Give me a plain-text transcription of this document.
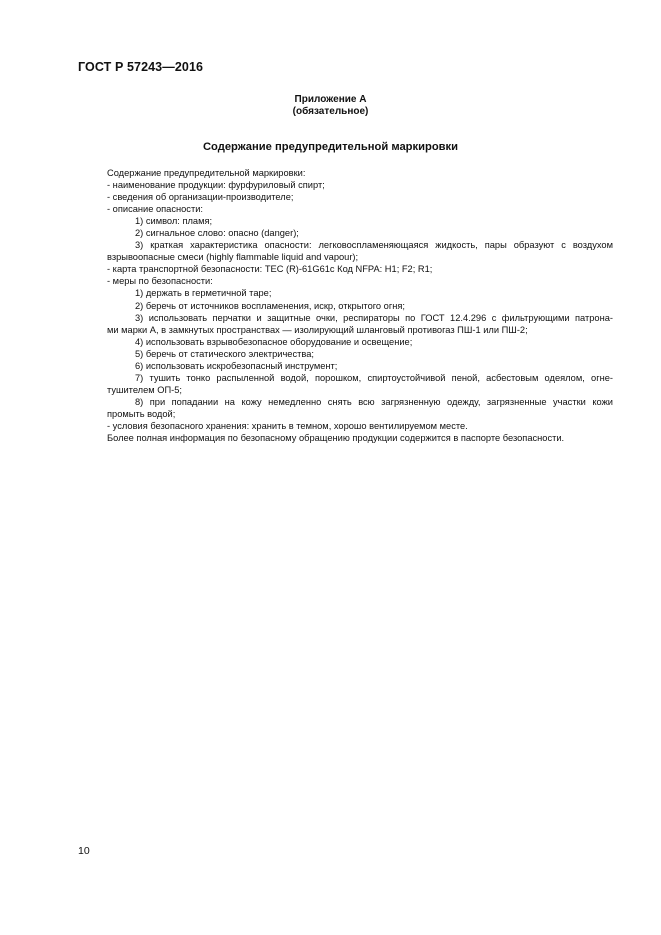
ГОСТ Р 57243—2016
Приложение А
(обязательное)
Содержание предупредительной маркировки
Содержание предупредительной маркировки:
- наименование продукции: фурфуриловый спирт;
- сведения об организации-производителе;
- описание опасности:
1) символ: пламя;
2) сигнальное слово: опасно (danger);
3) краткая характеристика опасности: легковоспламеняющаяся жидкость, пары образуют с воздухом
взрывоопасные смеси (highly flammable liquid and vapour);
- карта транспортной безопасности: ТЕС (R)-61G61c Код NFPA: H1; F2; R1;
- меры по безопасности:
1) держать в герметичной таре;
2) беречь от источников воспламенения, искр, открытого огня;
3) использовать перчатки и защитные очки, респираторы по ГОСТ 12.4.296 с фильтрующими патрона-
ми марки А, в замкнутых пространствах — изолирующий шланговый противогаз ПШ-1 или ПШ-2;
4) использовать взрывобезопасное оборудование и освещение;
5) беречь от статического электричества;
6) использовать искробезопасный инструмент;
7) тушить тонко распыленной водой, порошком, спиртоустойчивой пеной, асбестовым одеялом, огне-
тушителем ОП-5;
8) при попадании на кожу немедленно снять всю загрязненную одежду, загрязненные участки кожи
промыть водой;
- условия безопасного хранения: хранить в темном, хорошо вентилируемом месте.
Более полная информация по безопасному обращению продукции содержится в паспорте безопасности.
10
